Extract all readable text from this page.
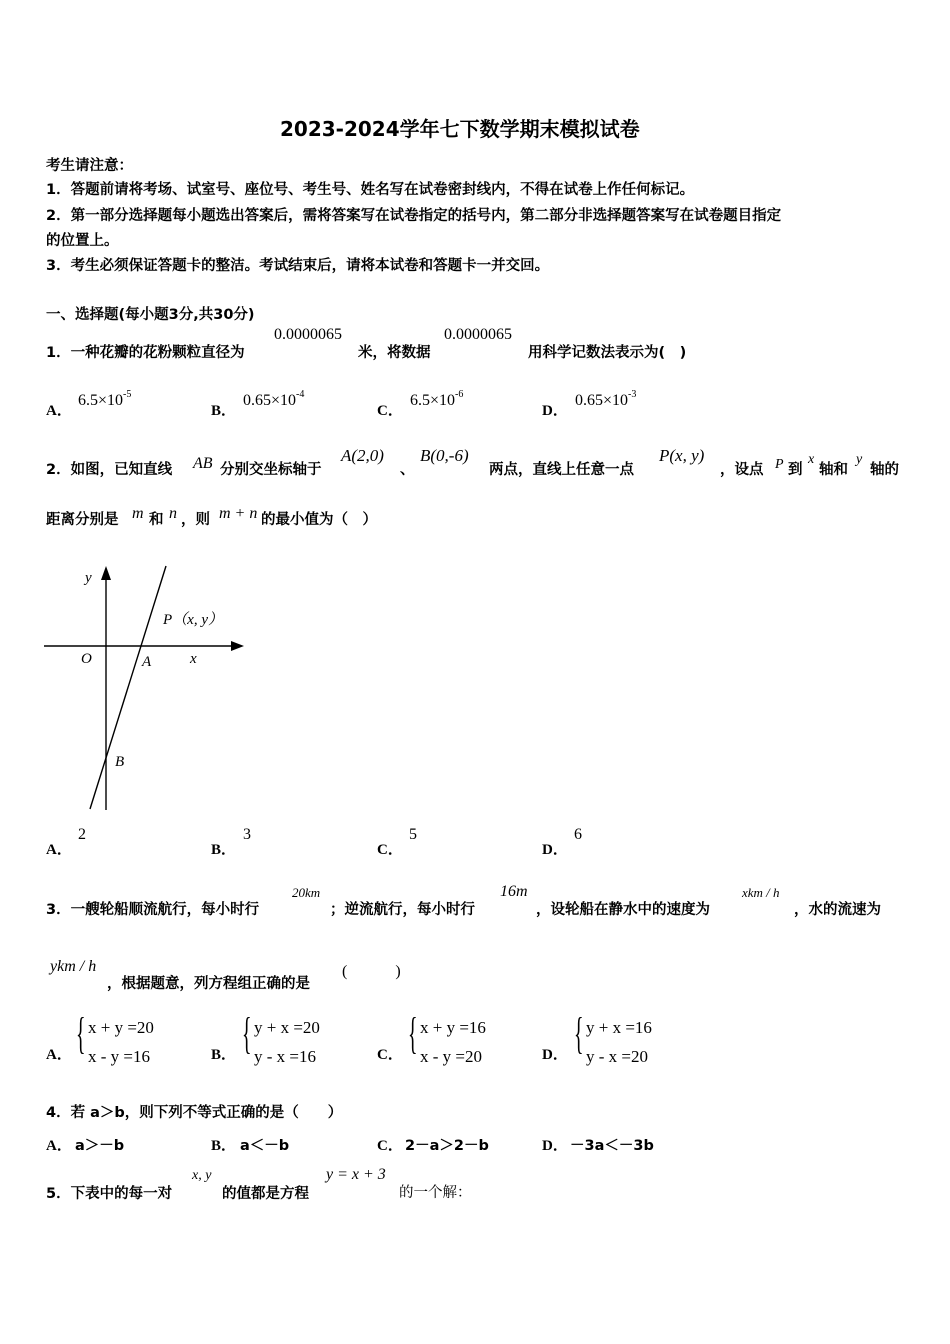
2023-2024学年七下数学期末模拟试卷
考生请注意：
1．答题前请将考场、试室号、座位号、考生号、姓名写在试卷密封线内，不得在试卷上作任何标记。
2．第一部分选择题每小题选出答案后，需将答案写在试卷指定的括号内，第二部分非选择题答案写在试卷题目指定
的位置上。
3．考生必须保证答题卡的整洁。考试结束后，请将本试卷和答题卡一并交回。
一、选择题(每小题3分,共30分)
1．一种花瓣的花粉颗粒直径为
0.0000065
米，将数据
0.0000065
用科学记数法表示为(　)
A．
$6.5\times 10^{-5}$
B．
$0.65\times 10^{-4}$
C．
$6.5\times 10^{-6}$
D．
$0.65\times 10^{-3}$
2．如图，已知直线 AB 分别交坐标轴于
A(2,0)
、
B(0,-6)
两点，直线上任意一点
P(x, y)
，设点 P 到
x
轴和
y
轴的
距离分别是 m 和 n ，则 m + n 的最小值为（　）
y
O	A	x
P（x, y）
B
A．
2
B．
3
C．
5
D．
6
3．一艘轮船顺流航行，每小时行
20km
；逆流航行，每小时行
16m
，设轮船在静水中的速度为
xkm / h
，水的流速为
ykm / h
，根据题意，列方程组正确的是
(　　　)
A． { x + y =20
x - y =16	B． { y + x =20
y - x =16	C． { x + y =16
x - y =20	D． { y + x =16
y - x =20
4．若 a＞b，则下列不等式正确的是（　　）
A． a＞－b	B． a＜－b	C． 2－a＞2－b	D． －3a＜－3b
5．下表中的每一对
x, y
的值都是方程
y = x + 3
的一个解：
